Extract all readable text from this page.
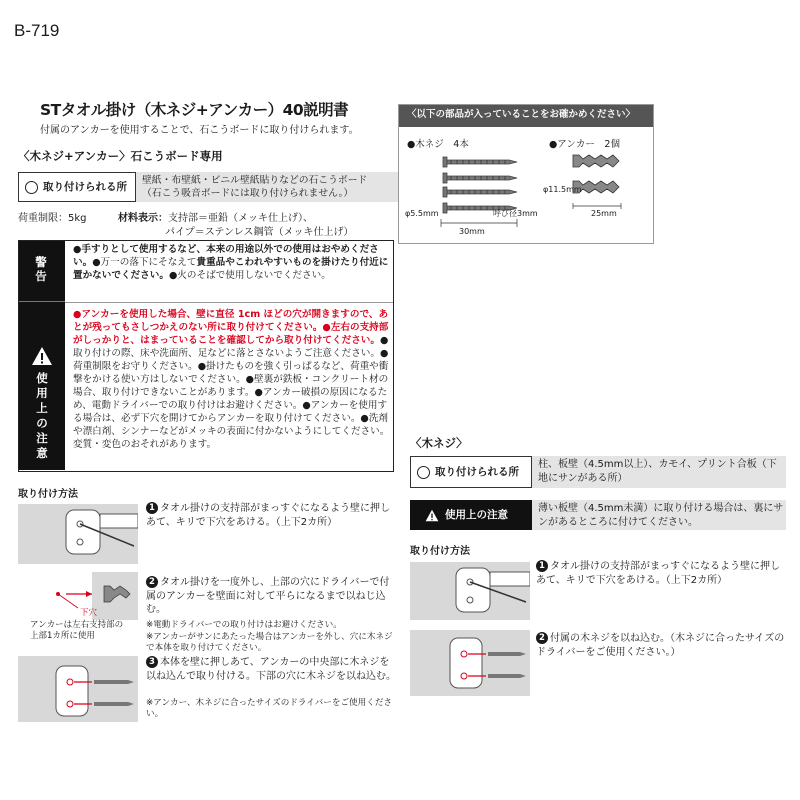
B-719
STタオル掛け（木ネジ+アンカー）40説明書
付属のアンカーを使用することで、石こうボードに取り付けられます。
〈木ネジ+アンカー〉石こうボード専用
取り付けられる所
壁紙・布壁紙・ビニル壁紙貼りなどの石こうボード
（石こう吸音ボードには取り付けられません。）
荷重制限：5kg	材料表示：支持部＝亜鉛（メッキ仕上げ）、
パイプ＝ステンレス鋼管（メッキ仕上げ）
警告
使用上の注意
●手すりとして使用するなど、本来の用途以外での使用はおやめください。●万一の落下にそなえて貴重品やこわれやすいものを掛けたり付近に置かないでください。●火のそばで使用しないでください。
●アンカーを使用した場合、壁に直径 1cm ほどの穴が開きますので、あとが残ってもさしつかえのない所に取り付けてください。●左右の支持部がしっかりと、はまっていることを確認してから取り付けてください。●取り付けの際、床や洗面所、足などに落とさないようご注意ください。●荷重制限をお守りください。●掛けたものを強く引っぱるなど、荷重や衝撃をかける使い方はしないでください。●壁裏が鉄板・コンクリート材の場合、取り付けできないことがあります。●アンカー破損の原因になるため、電動ドライバーでの取り付けはお避けください。●アンカーを使用する場合は、必ず下穴を開けてからアンカーを取り付けてください。●洗剤や漂白剤、シンナーなどがメッキの表面に付かないようにしてください。変質・変色のおそれがあります。
〈以下の部品が入っていることをお確かめください〉
●木ネジ　4本	●アンカー　2個
φ5.5mm	呼び径3mm
30mm
φ11.5mm
25mm
〈木ネジ〉
取り付けられる所
柱、板壁（4.5mm以上）、カモイ、プリント合板（下地にサンがある所）
使用上の注意
薄い板壁（4.5mm未満）に取り付ける場合は、裏にサンがあるところに付けてください。
取り付け方法
1 タオル掛けの支持部がまっすぐになるよう壁に押しあて、キリで下穴をあける。（上下2カ所）
下穴
アンカーは左右支持部の
上部1カ所に使用
2 タオル掛けを一度外し、上部の穴にドライバーで付属のアンカーを壁面に対して平らになるまで以ねじ込む。
※電動ドライバーでの取り付けはお避けください。
※アンカーがサンにあたった場合はアンカーを外し、穴に木ネジで本体を取り付けてください。
3 本体を壁に押しあて、アンカーの中央部に木ネジを以ね込んで取り付ける。下部の穴に木ネジを以ね込む。
※アンカー、木ネジに合ったサイズのドライバーをご使用ください。
取り付け方法
1 タオル掛けの支持部がまっすぐになるよう壁に押しあて、キリで下穴をあける。（上下2カ所）
2 付属の木ネジを以ね込む。（木ネジに合ったサイズのドライバーをご使用ください。）
